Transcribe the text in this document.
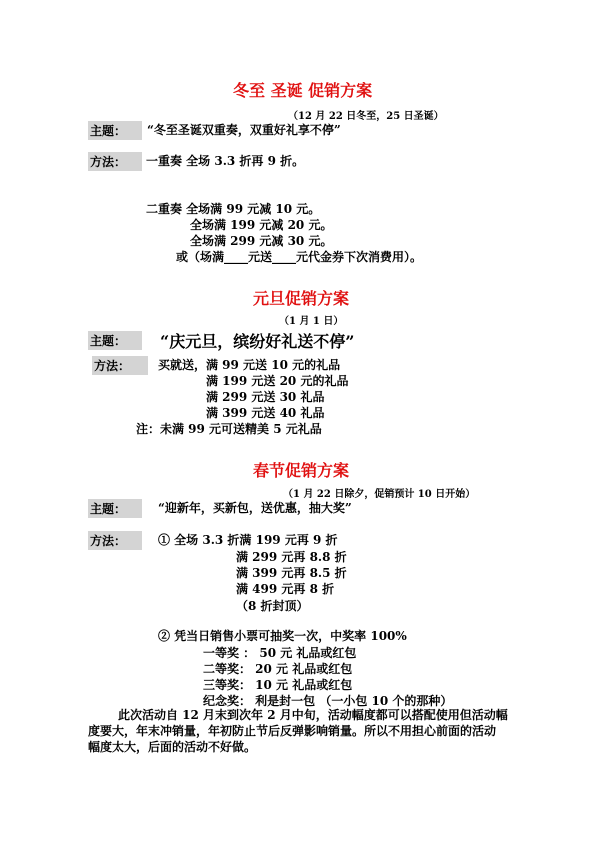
冬至 圣诞 促销方案
（12 月 22 日冬至，25 日圣诞）
主题：	“冬至圣诞双重奏，双重好礼享不停”
方法：	一重奏 全场 3.3 折再 9 折。
二重奏 全场满 99 元减 10 元。
全场满 199 元减 20 元。
全场满 299 元减 30 元。
或（场满____元送____元代金券下次消费用）。
元旦促销方案
（1 月 1 日）
主题：	“庆元旦，缤纷好礼送不停”
方法：	买就送，满 99 元送 10 元的礼品
满 199 元送 20 元的礼品
满 299 元送 30 礼品
满 399 元送 40 礼品
注：未满 99 元可送精美 5 元礼品
春节促销方案
（1 月 22 日除夕，促销预计 10 日开始）
主题：	“迎新年，买新包，送优惠，抽大奖”
方法：	① 全场 3.3 折满 199 元再 9 折
满 299 元再 8.8 折
满 399 元再 8.5 折
满 499 元再 8 折
（8 折封顶）
② 凭当日销售小票可抽奖一次，中奖率 100%
一等奖 ： 50 元 礼品或红包
二等奖： 20 元 礼品或红包
三等奖： 10 元 礼品或红包
纪念奖： 利是封一包 （一小包 10 个的那种）
此次活动自 12 月末到次年 2 月中旬，活动幅度都可以搭配使用但活动幅
度要大，年末冲销量，年初防止节后反弹影响销量。所以不用担心前面的活动
幅度太大，后面的活动不好做。
